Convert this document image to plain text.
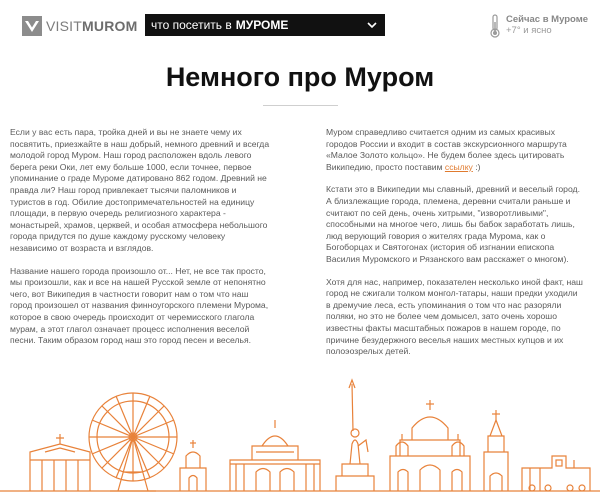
VISITMUROM что посетить в МУРОМЕ	Сейчас в Муроме
+7° и ясно
Немного про Муром

Если у вас есть пара, тройка дней и вы не знаете чему их посвятить, приезжайте в наш добрый, немного древний и всегда молодой город Муром. Наш город расположен вдоль левого берега реки Оки, лет ему больше 1000, если точнее, первое упоминание о граде Муроме датировано 862 годом. Древний не правда ли? Наш город привлекает тысячи паломников и туристов в год. Обилие достопримечательностей на единицу площади, в первую очередь религиозного характера - монастырей, храмов, церквей, и особая атмосфера небольшого города придутся по душе каждому русскому человеку независимо от возраста и взглядов.

Название нашего города произошло от... Нет, не все так просто, мы произошли, как и все на нашей Русской земле от непонятно чего, вот Википедия в частности говорит нам о том что наш город произошел от названия финноугорского племени Мурома, которое в свою очередь происходит от черемисского глагола мурам, а этот глагол означает процесс исполнения веселой песни. Таким образом город наш это город песен и веселья.

Муром справедливо считается одним из самых красивых городов России и входит в состав экскурсионного маршрута «Малое Золото кольцо». Не будем более здесь цитировать Википедию, просто поставим ссылку :)

Кстати это в Википедии мы славный, древний и веселый город. А близлежащие города, племена, деревни считали раньше и считают по сей день, очень хитрыми, "изворотливыми", способными на многое чего, лишь бы бабок заработать лишь, люд верующий говория о жителях града Мурома, как о Богоборцах и Святогонах (история об изгнании епископа Василия Муромского и Рязанского вам расскажет о многом).

Хотя для нас, например, показателен несколько иной факт, наш город не сжигали толком монгол-татары, наши предки уходили в дремучие леса, есть упоминания о том что нас разоряли поляки, но это не более чем домысел, зато очень хорошо известны факты масштабных пожаров в нашем городе, по причине безудержного веселья наших местных купцов и их полоэозрелых детей.
